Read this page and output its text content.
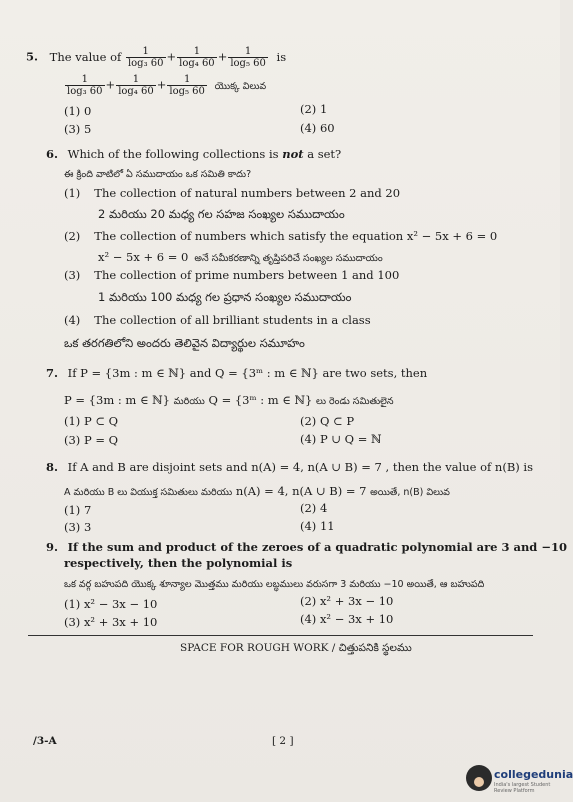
5. The value of $\frac{1}{\text{log₃ 60}} + \frac{1}{\text{log₄ 60}} + \frac{1}{\text{log₅ 60}}$ is
$\frac{1}{\text{log₃ 60}} + \frac{1}{\text{log₄ 60}} + \frac{1}{\text{log₅ 60}}$ యొక్క విలువ
(1) 0	(2) 1
(3) 5	(4) 60
6. Which of the following collections is not a set?
ఈ క్రింది వాటిలో ఏ సముదాయం ఒక సమితి కాదు?
(1) The collection of natural numbers between 2 and 20
2 మరియు 20 మధ్య గల సహజ సంఖ్యల సముదాయం
(2) The collection of numbers which satisfy the equation x² − 5x + 6 = 0
x² − 5x + 6 = 0 అనే సమీకరణాన్ని తృప్తిపరిచే సంఖ్యల సముదాయం
(3) The collection of prime numbers between 1 and 100
1 మరియు 100 మధ్య గల ప్రధాన సంఖ్యల సముదాయం
(4) The collection of all brilliant students in a class
ఒక తరగతిలోని అందరు తెలివైన విద్యార్థుల సమూహం
7. If P = {3m : m ∈ ℕ} and Q = {3ᵐ : m ∈ ℕ} are two sets, then
P = {3m : m ∈ ℕ} మరియు Q = {3ᵐ : m ∈ ℕ} లు రెండు సమితులైన
(1) P ⊂ Q	(2) Q ⊂ P
(3) P = Q	(4) P ∪ Q = ℕ
8. If A and B are disjoint sets and n(A) = 4, n(A ∪ B) = 7 , then the value of n(B) is
A మరియు B లు వియుక్త సమితులు మరియు n(A) = 4, n(A ∪ B) = 7 అయితే, n(B) విలువ
(1) 7	(2) 4
(3) 3	(4) 11
9. If the sum and product of the zeroes of a quadratic polynomial are 3 and −10
respectively, then the polynomial is
ఒక వర్గ బహుపది యొక్క శూన్యాల మొత్తము మరియు లబ్ధములు వరుసగా 3 మరియు −10 అయితే, ఆ బహుపది
(1) x² − 3x − 10	(2) x² + 3x − 10
(3) x² + 3x + 10	(4) x² − 3x + 10
SPACE FOR ROUGH WORK / చిత్తుపనికి స్థలము
/3-A	[ 2 ]
collegedunia
India's largest Student Review Platform
